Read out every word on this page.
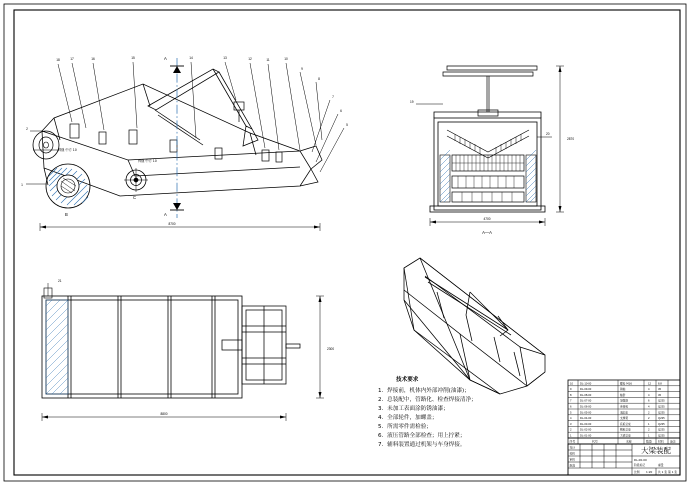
18	17	16	15	14	13	12	11	10
9
8
7
6
5
1
2
焊缝 中方 10
焊缝 中方 10
A
A
B
C
8700
2870
4700
A—A
20
19
8800
2300
21
技术要求
1．焊接前，机体内外部冲削(油漆)；
2．总装配中，管路化、检查焊接清净；
3．未加工表面涂防锈油漆；
4．全部轮件，加螺盖；
5．所需零件需检验；
6．液压管路全部检查；用上拧紧；
7．辅料装置通过机架与车身焊接。
10	DL-10-00	螺栓 M16	12	8.8
9	DL-09-00	销轴	4	45
8	DL-08-00	轴套	4	45
7	DL-07-00	加强筋	6	Q235
6	DL-06-00	连接板	4	Q235
5	DL-05-00	油缸座	2	Q235
4	DL-04-00	支撑架	2	Q235
3	DL-03-00	底板总成	1	Q235
2	DL-02-00	侧板总成	2	Q235
1	DL-01-00	大梁总成	1	Q235
序号	代号	名称	数量 材料 备注
大梁装配
设计
校核
审核
批准
DL-00-00
阶段标记	重量
比例 1:20 共 1 张 第 1 张
